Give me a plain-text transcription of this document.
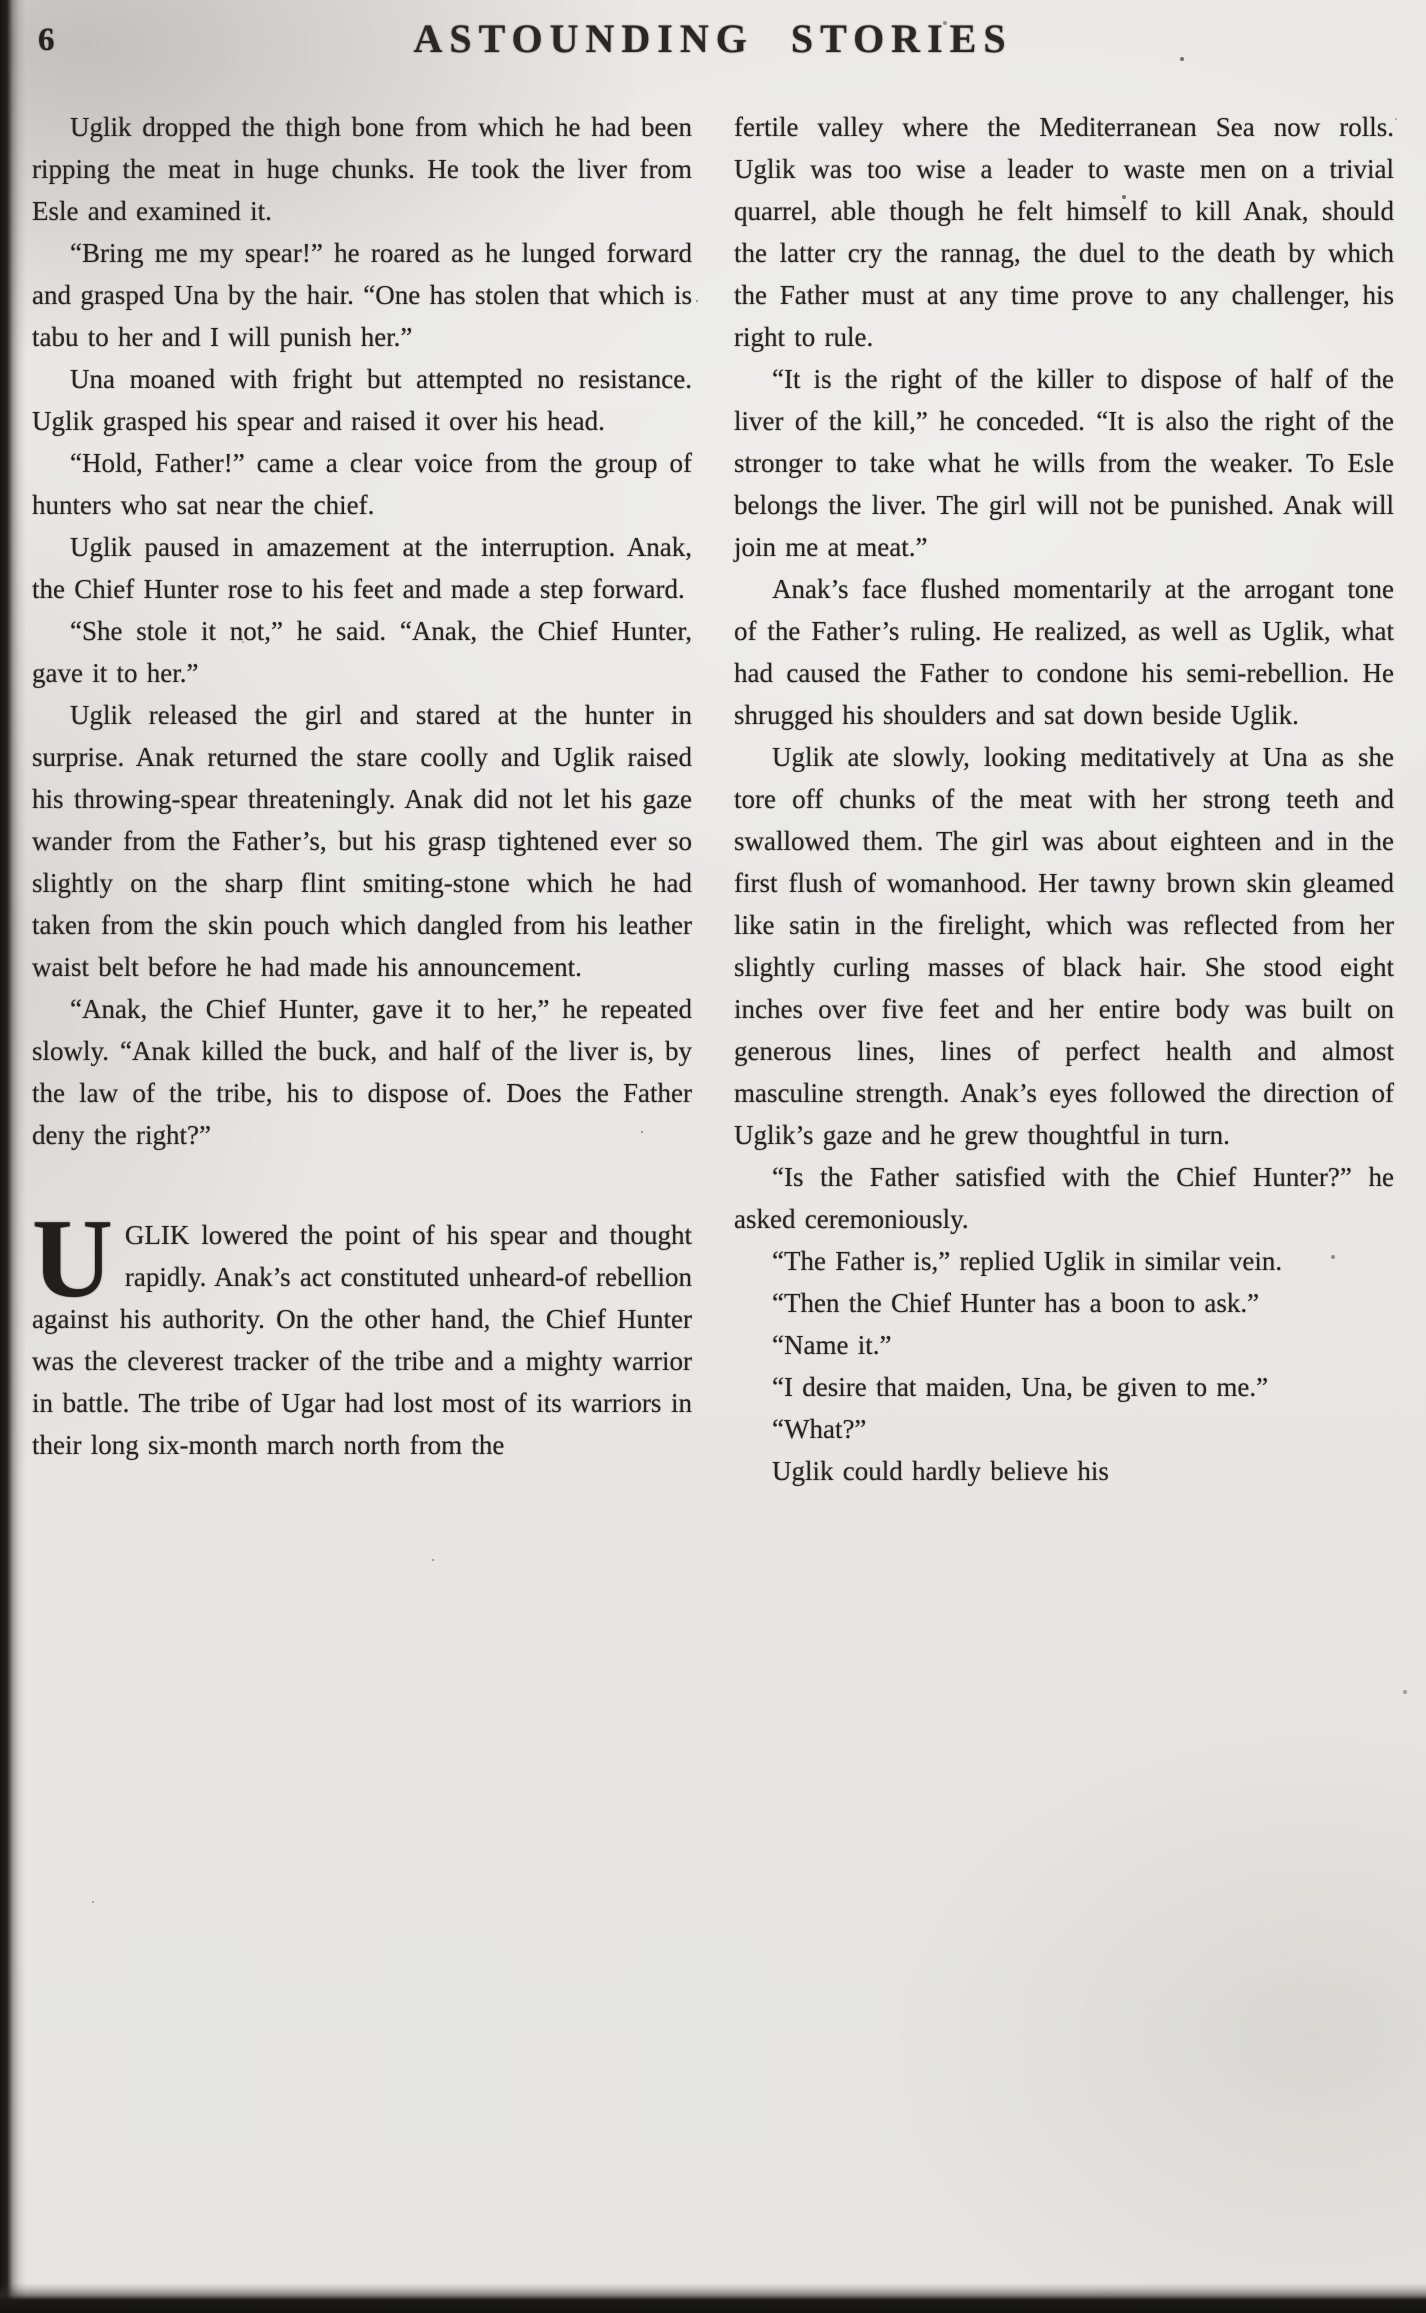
6	ASTOUNDING STORIES

Uglik dropped the thigh bone from which he had been ripping the meat in huge chunks. He took the liver from Esle and examined it.

“Bring me my spear!” he roared as he lunged forward and grasped Una by the hair. “One has stolen that which is tabu to her and I will punish her.”

Una moaned with fright but attempted no resistance. Uglik grasped his spear and raised it over his head.

“Hold, Father!” came a clear voice from the group of hunters who sat near the chief.

Uglik paused in amazement at the interruption. Anak, the Chief Hunter rose to his feet and made a step forward.

“She stole it not,” he said. “Anak, the Chief Hunter, gave it to her.”

Uglik released the girl and stared at the hunter in surprise. Anak returned the stare coolly and Uglik raised his throwing-spear threateningly. Anak did not let his gaze wander from the Father’s, but his grasp tightened ever so slightly on the sharp flint smiting-stone which he had taken from the skin pouch which dangled from his leather waist belt before he had made his announcement.

“Anak, the Chief Hunter, gave it to her,” he repeated slowly. “Anak killed the buck, and half of the liver is, by the law of the tribe, his to dispose of. Does the Father deny the right?”

UGLIK lowered the point of his spear and thought rapidly. Anak’s act constituted unheard-of rebellion against his authority. On the other hand, the Chief Hunter was the cleverest tracker of the tribe and a mighty warrior in battle. The tribe of Ugar had lost most of its warriors in their long six-month march north from the

fertile valley where the Mediterranean Sea now rolls. Uglik was too wise a leader to waste men on a trivial quarrel, able though he felt himself to kill Anak, should the latter cry the rannag, the duel to the death by which the Father must at any time prove to any challenger, his right to rule.

“It is the right of the killer to dispose of half of the liver of the kill,” he conceded. “It is also the right of the stronger to take what he wills from the weaker. To Esle belongs the liver. The girl will not be punished. Anak will join me at meat.”

Anak’s face flushed momentarily at the arrogant tone of the Father’s ruling. He realized, as well as Uglik, what had caused the Father to condone his semi-rebellion. He shrugged his shoulders and sat down beside Uglik.

Uglik ate slowly, looking meditatively at Una as she tore off chunks of the meat with her strong teeth and swallowed them. The girl was about eighteen and in the first flush of womanhood. Her tawny brown skin gleamed like satin in the firelight, which was reflected from her slightly curling masses of black hair. She stood eight inches over five feet and her entire body was built on generous lines, lines of perfect health and almost masculine strength. Anak’s eyes followed the direction of Uglik’s gaze and he grew thoughtful in turn.

“Is the Father satisfied with the Chief Hunter?” he asked ceremoniously.

“The Father is,” replied Uglik in similar vein.

“Then the Chief Hunter has a boon to ask.”

“Name it.”

“I desire that maiden, Una, be given to me.”

“What?”

Uglik could hardly believe his
